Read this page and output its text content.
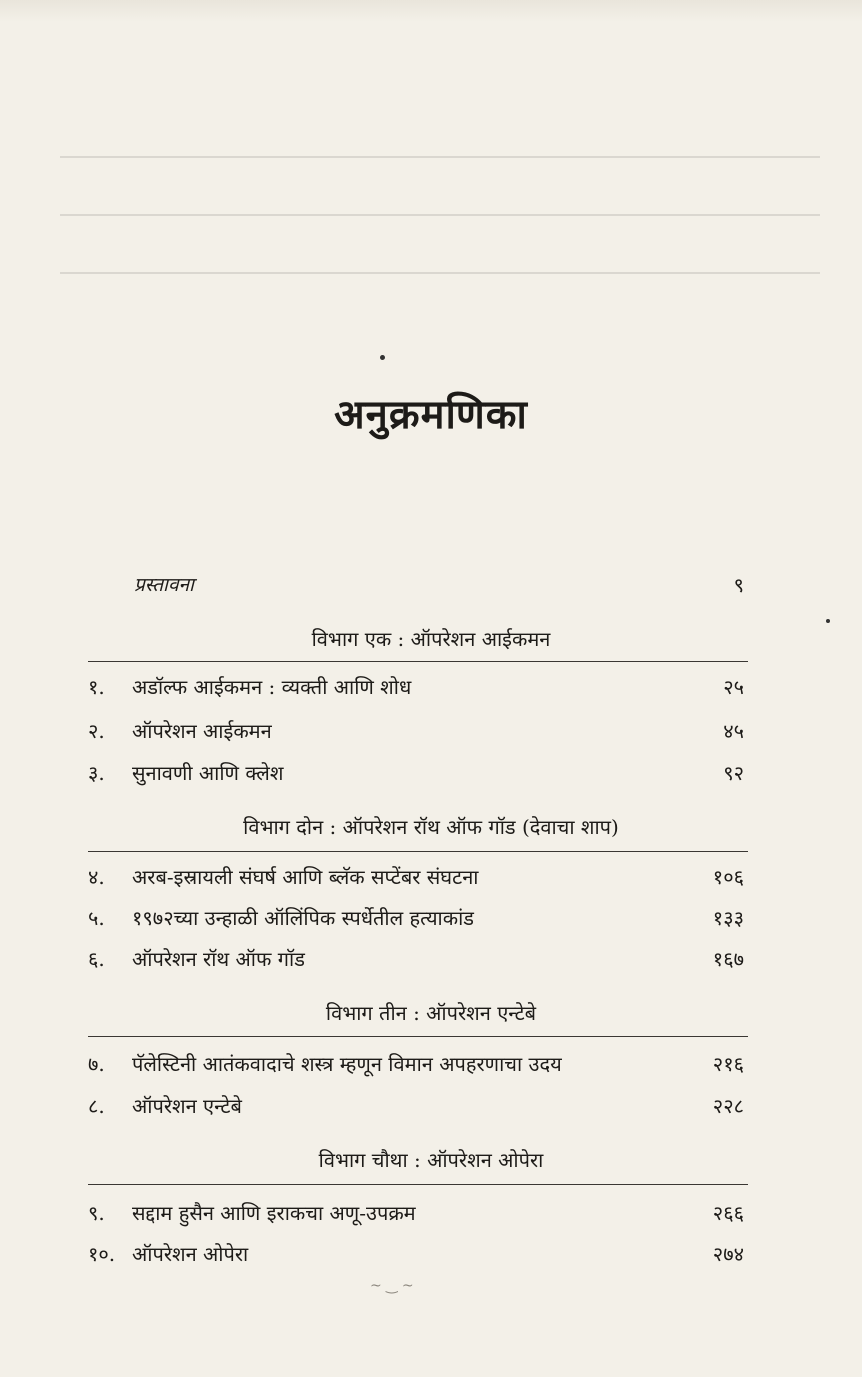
अनुक्रमणिका
प्रस्तावना	९
विभाग एक : ऑपरेशन आईकमन
१.	अडॉल्फ आईकमन : व्यक्ती आणि शोध	२५
२.	ऑपरेशन आईकमन	४५
३.	सुनावणी आणि क्लेश	९२
विभाग दोन : ऑपरेशन रॉथ ऑफ गॉड (देवाचा शाप)
४.	अरब-इस्रायली संघर्ष आणि ब्लॅक सप्टेंबर संघटना	१०६
५.	१९७२च्या उन्हाळी ऑलिंपिक स्पर्धेतील हत्याकांड	१३३
६.	ऑपरेशन रॉथ ऑफ गॉड	१६७
विभाग तीन : ऑपरेशन एन्टेबे
७.	पॅलेस्टिनी आतंकवादाचे शस्त्र म्हणून विमान अपहरणाचा उदय	२१६
८.	ऑपरेशन एन्टेबे	२२८
विभाग चौथा : ऑपरेशन ओपेरा
९.	सद्दाम हुसैन आणि इराकचा अणू-उपक्रम	२६६
१०. ऑपरेशन ओपेरा	२७४
~ ‿ ~
